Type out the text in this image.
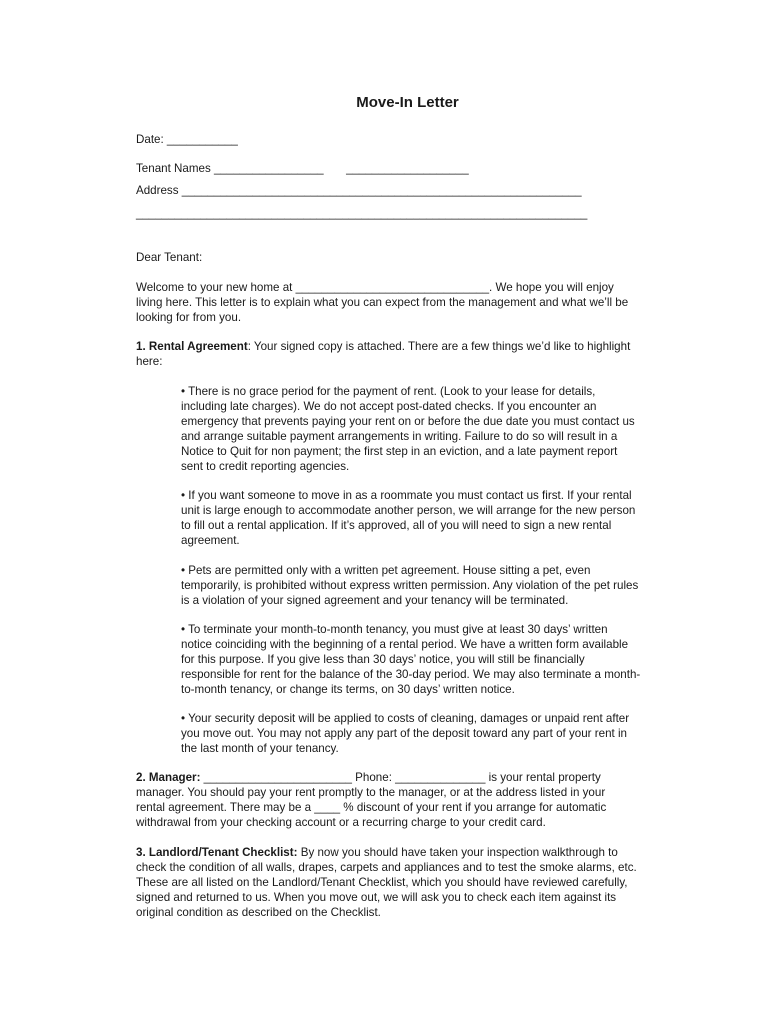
Move-In Letter
Date: ___________
Tenant Names _________________       ___________________
Address ______________________________________________________________
______________________________________________________________________
Dear Tenant:
Welcome to your new home at ______________________________. We hope you will enjoy
living here. This letter is to explain what you can expect from the management and what we’ll be
looking for from you.
1. Rental Agreement: Your signed copy is attached. There are a few things we’d like to highlight
here:
• There is no grace period for the payment of rent. (Look to your lease for details,
including late charges). We do not accept post-dated checks. If you encounter an
emergency that prevents paying your rent on or before the due date you must contact us
and arrange suitable payment arrangements in writing. Failure to do so will result in a
Notice to Quit for non payment; the first step in an eviction, and a late payment report
sent to credit reporting agencies.
• If you want someone to move in as a roommate you must contact us first. If your rental
unit is large enough to accommodate another person, we will arrange for the new person
to fill out a rental application. If it’s approved, all of you will need to sign a new rental
agreement.
• Pets are permitted only with a written pet agreement. House sitting a pet, even
temporarily, is prohibited without express written permission. Any violation of the pet rules
is a violation of your signed agreement and your tenancy will be terminated.
• To terminate your month-to-month tenancy, you must give at least 30 days’ written
notice coinciding with the beginning of a rental period. We have a written form available
for this purpose. If you give less than 30 days’ notice, you will still be financially
responsible for rent for the balance of the 30-day period. We may also terminate a month-
to-month tenancy, or change its terms, on 30 days’ written notice.
• Your security deposit will be applied to costs of cleaning, damages or unpaid rent after
you move out. You may not apply any part of the deposit toward any part of your rent in
the last month of your tenancy.
2. Manager: _______________________ Phone: ______________ is your rental property
manager. You should pay your rent promptly to the manager, or at the address listed in your
rental agreement. There may be a ____ % discount of your rent if you arrange for automatic
withdrawal from your checking account or a recurring charge to your credit card.
3. Landlord/Tenant Checklist: By now you should have taken your inspection walkthrough to
check the condition of all walls, drapes, carpets and appliances and to test the smoke alarms, etc.
These are all listed on the Landlord/Tenant Checklist, which you should have reviewed carefully,
signed and returned to us. When you move out, we will ask you to check each item against its
original condition as described on the Checklist.
